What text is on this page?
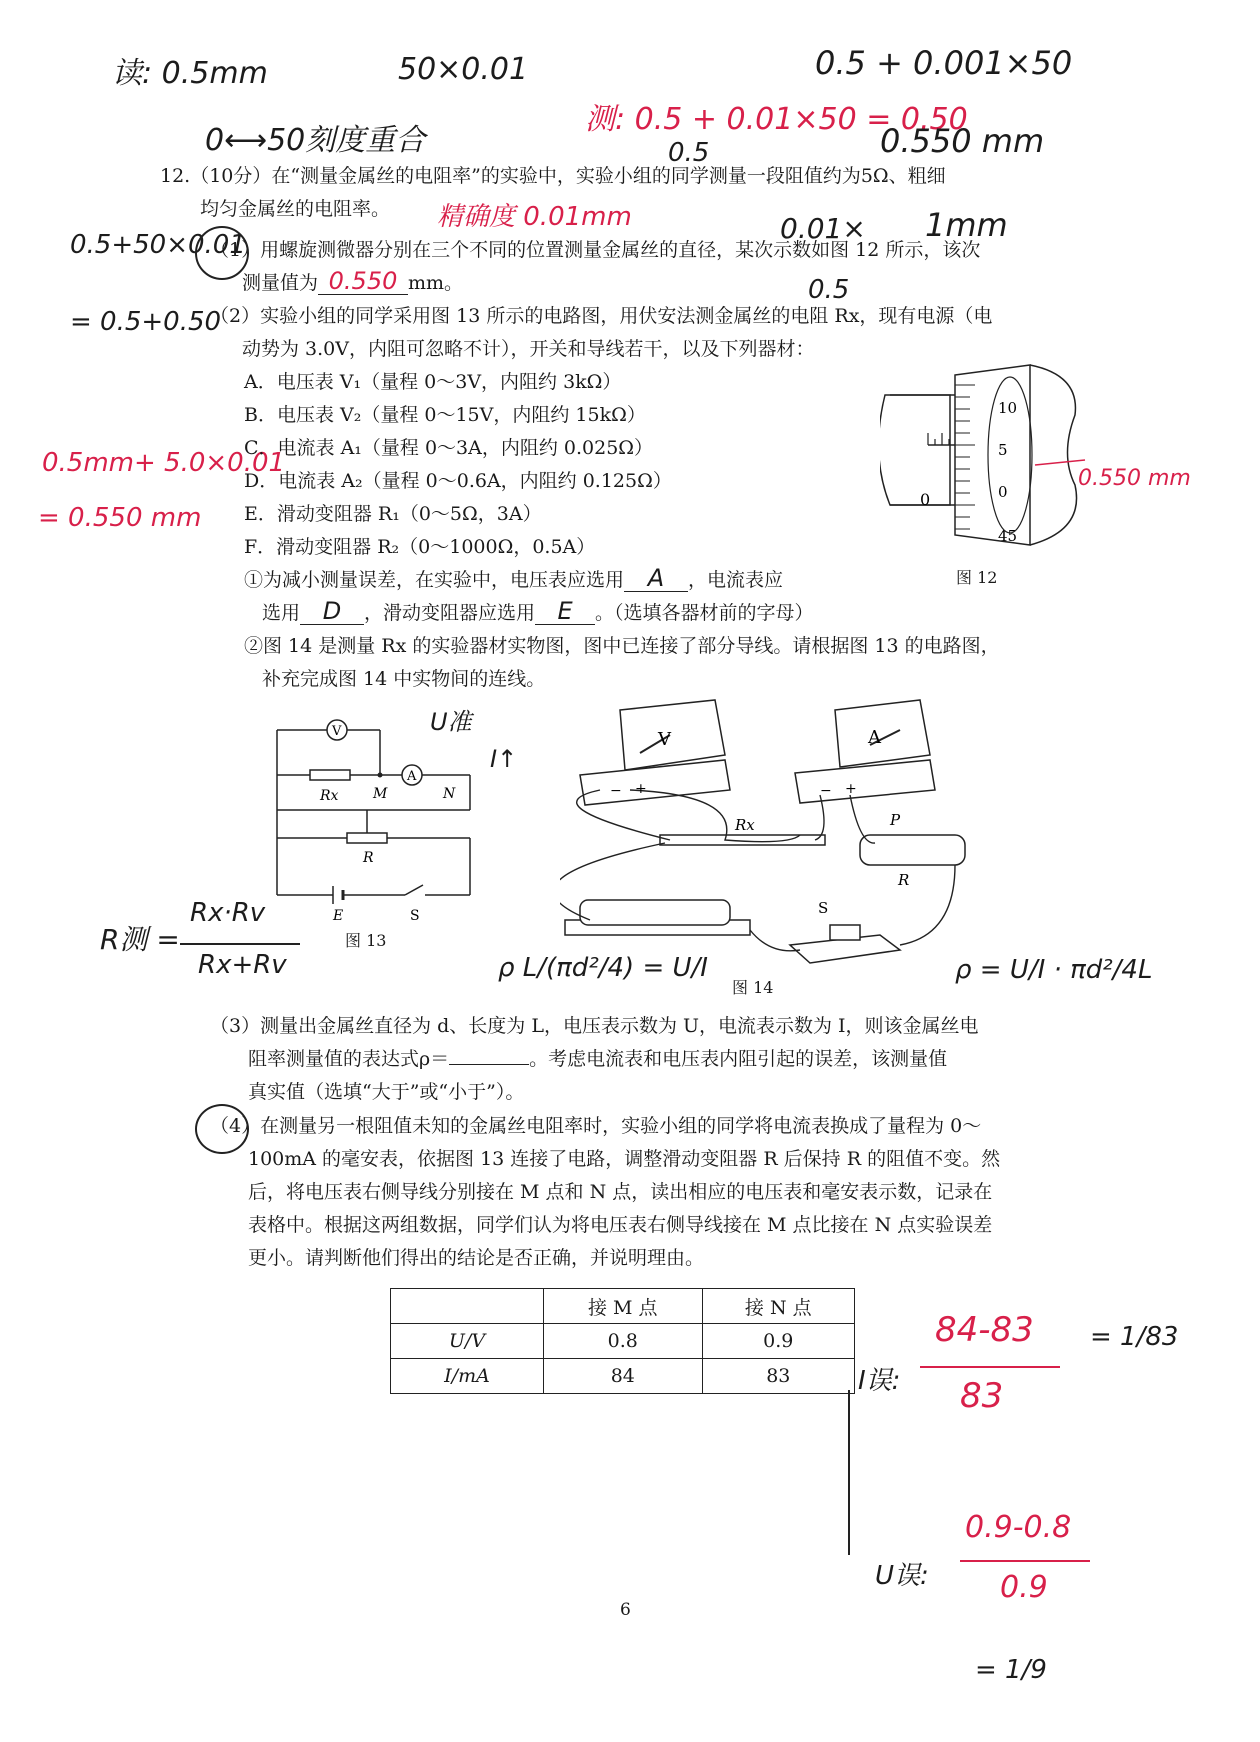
读: 0.5mm	50×0.01	0.5 + 0.001×50
0⟷50刻度重合
测: 0.5 + 0.01×50 = 0.50
0.5	0.550 mm
精确度 0.01mm
0.5+50×0.01	0.01× 1mm
0.5
= 0.5+0.50
0.5mm+ 5.0×0.01
= 0.550 mm
0.550 mm
12.（10分）在“测量金属丝的电阻率”的实验中，实验小组的同学测量一段阻值约为5Ω、粗细
均匀金属丝的电阻率。
（1）用螺旋测微器分别在三个不同的位置测量金属丝的直径，某次示数如图 12 所示，该次
测量值为 0.550 mm。
（2）实验小组的同学采用图 13 所示的电路图，用伏安法测金属丝的电阻 Rx，现有电源（电
动势为 3.0V，内阻可忽略不计），开关和导线若干，以及下列器材：
A．电压表 V₁（量程 0～3V，内阻约 3kΩ）
B．电压表 V₂（量程 0～15V，内阻约 15kΩ）
C．电流表 A₁（量程 0～3A，内阻约 0.025Ω）
D．电流表 A₂（量程 0～0.6A，内阻约 0.125Ω）
E．滑动变阻器 R₁（0～5Ω，3A）
F．滑动变阻器 R₂（0～1000Ω，0.5A）
①为减小测量误差，在实验中，电压表应选用 A ，电流表应
选用 D ，滑动变阻器应选用 E 。（选填各器材前的字母）
②图 14 是测量 Rx 的实验器材实物图，图中已连接了部分导线。请根据图 13 的电路图，
补充完成图 14 中实物间的连线。
0
10
5
0
45
图 12
V
A
Rx M	N
R
E	S
图 13
U准
I↑
R测 =
Rx·Rv
Rx+Rv
V	A
− +	− +
Rx	P
R
S
图 14
ρ L/(πd²/4) = U/I	ρ = U/I · πd²/4L
（3）测量出金属丝直径为 d、长度为 L，电压表示数为 U，电流表示数为 I，则该金属丝电
阻率测量值的表达式ρ＝	。考虑电流表和电压表内阻引起的误差，该测量值
真实值（选填“大于”或“小于”）。
（4）在测量另一根阻值未知的金属丝电阻率时，实验小组的同学将电流表换成了量程为 0～
100mA 的毫安表，依据图 13 连接了电路，调整滑动变阻器 R 后保持 R 的阻值不变。然
后，将电压表右侧导线分别接在 M 点和 N 点，读出相应的电压表和毫安表示数，记录在
表格中。根据这两组数据，同学们认为将电压表右侧导线接在 M 点比接在 N 点实验误差
更小。请判断他们得出的结论是否正确，并说明理由。
	接 M 点	接 N 点
U/V	0.8	0.9
I/mA	84	83	I误:
84-83
83
= 1/83
U误:
0.9-0.8
0.9
= 1/9
6
